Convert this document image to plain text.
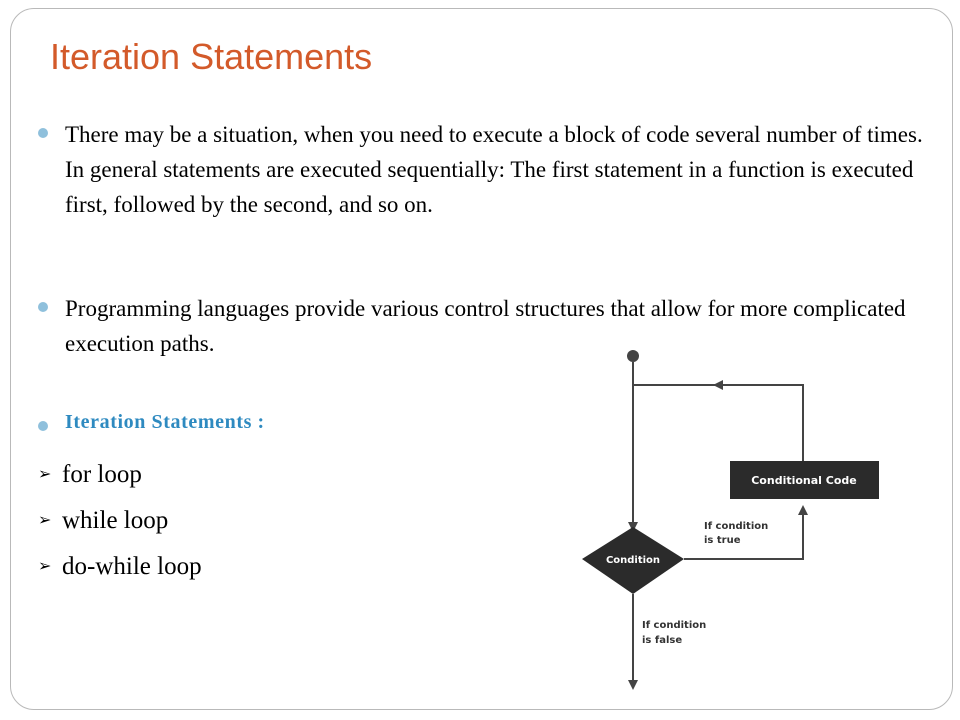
Iteration Statements

There may be a situation, when you need to execute a block of code several number of times. In general statements are executed sequentially: The first statement in a function is executed first, followed by the second, and so on.

Programming languages provide various control structures that allow for more complicated execution paths.

Iteration Statements :

➢ for loop

➢ while loop

➢ do-while loop

Conditional Code
Condition
If condition
is true
If condition
is false
